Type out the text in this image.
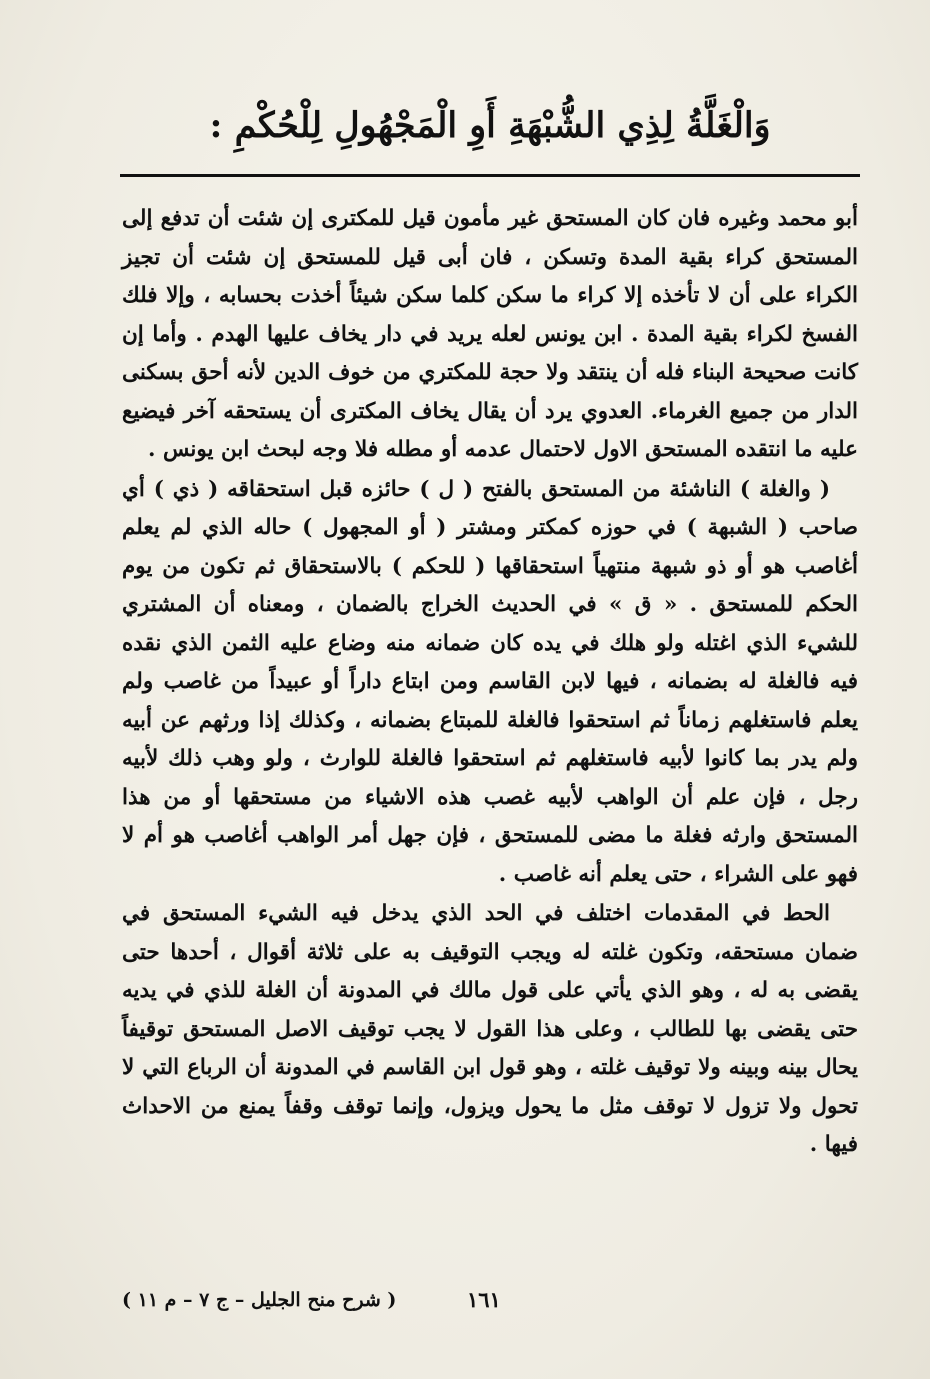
وَالْغَلَّةُ لِذِي الشُّبْهَةِ أَوِ الْمَجْهُولِ لِلْحُكْمِ :

أبو محمد وغيره فان كان المستحق غير مأمون قيل للمكترى إن شئت أن تدفع إلى المستحق كراء بقية المدة وتسكن ، فان أبى قيل للمستحق إن شئت أن تجيز الكراء على أن لا تأخذه إلا كراء ما سكن كلما سكن شيئاً أخذت بحسابه ، وإلا فلك الفسخ لكراء بقية المدة . ابن يونس لعله يريد في دار يخاف عليها الهدم . وأما إن كانت صحيحة البناء فله أن ينتقد ولا حجة للمكتري من خوف الدين لأنه أحق بسكنى الدار من جميع الغرماء. العدوي يرد أن يقال يخاف المكترى أن يستحقه آخر فيضيع عليه ما انتقده المستحق الاول لاحتمال عدمه أو مطله فلا وجه لبحث ابن يونس .

( والغلة ) الناشئة من المستحق بالفتح ( ل ) حائزه قبل استحقاقه ( ذي ) أي صاحب ( الشبهة ) في حوزه كمكتر ومشتر ( أو المجهول ) حاله الذي لم يعلم أغاصب هو أو ذو شبهة منتهياً استحقاقها ( للحكم ) بالاستحقاق ثم تكون من يوم الحكم للمستحق . « ق » في الحديث الخراج بالضمان ، ومعناه أن المشتري للشيء الذي اغتله ولو هلك في يده كان ضمانه منه وضاع عليه الثمن الذي نقده فيه فالغلة له بضمانه ، فيها لابن القاسم ومن ابتاع داراً أو عبيداً من غاصب ولم يعلم فاستغلهم زماناً ثم استحقوا فالغلة للمبتاع بضمانه ، وكذلك إذا ورثهم عن أبيه ولم يدر بما كانوا لأبيه فاستغلهم ثم استحقوا فالغلة للوارث ، ولو وهب ذلك لأبيه رجل ، فإن علم أن الواهب لأبيه غصب هذه الاشياء من مستحقها أو من هذا المستحق وارثه فغلة ما مضى للمستحق ، فإن جهل أمر الواهب أغاصب هو أم لا فهو على الشراء ، حتى يعلم أنه غاصب .

الحط في المقدمات اختلف في الحد الذي يدخل فيه الشيء المستحق في ضمان مستحقه، وتكون غلته له ويجب التوقيف به على ثلاثة أقوال ، أحدها حتى يقضى به له ، وهو الذي يأتي على قول مالك في المدونة أن الغلة للذي في يديه حتى يقضى بها للطالب ، وعلى هذا القول لا يجب توقيف الاصل المستحق توقيفاً يحال بينه وبينه ولا توقيف غلته ، وهو قول ابن القاسم في المدونة أن الرباع التي لا تحول ولا تزول لا توقف مثل ما يحول ويزول، وإنما توقف وقفاً يمنع من الاحداث فيها .

١٦١
( شرح منح الجليل – ج ٧ – م ١١ )
